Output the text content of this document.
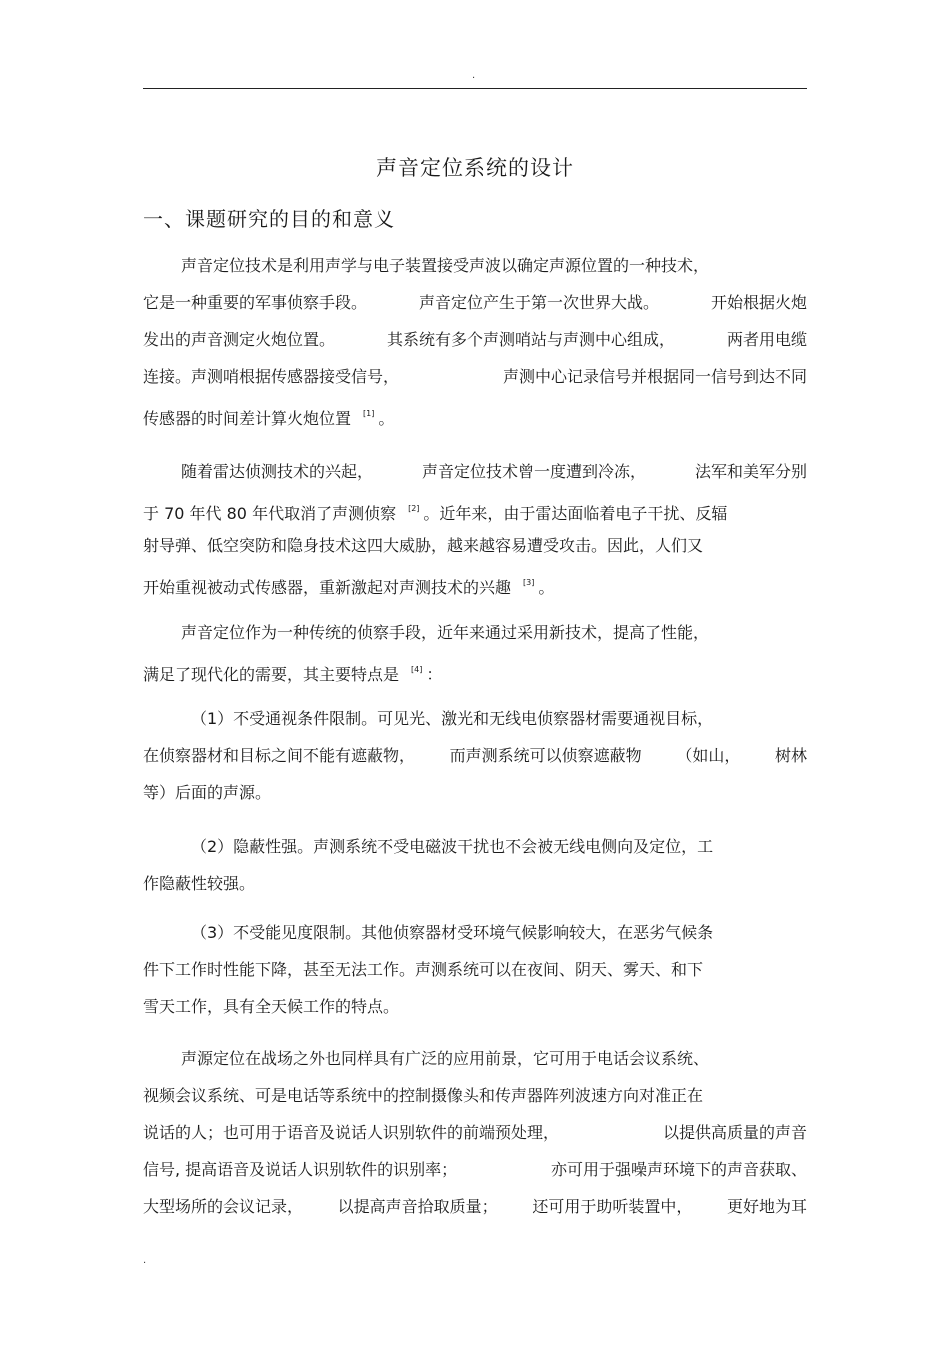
.
声音定位系统的设计
一、课题研究的目的和意义
声音定位技术是利用声学与电子装置接受声波以确定声源位置的一种技术，
它是一种重要的军事侦察手段。	声音定位产生于第一次世界大战。	开始根据火炮
发出的声音测定火炮位置。	其系统有多个声测哨站与声测中心组成，	两者用电缆
连接。声测哨根据传感器接受信号，	声测中心记录信号并根据同一信号到达不同
传感器的时间差计算火炮位置 [1] 。
随着雷达侦测技术的兴起，	声音定位技术曾一度遭到冷冻，	法军和美军分别
于 70 年代 80 年代取消了声测侦察 [2] 。近年来，由于雷达面临着电子干扰、反辐
射导弹、低空突防和隐身技术这四大威胁，越来越容易遭受攻击。因此，人们又
开始重视被动式传感器，重新激起对声测技术的兴趣 [3] 。
声音定位作为一种传统的侦察手段，近年来通过采用新技术，提高了性能，
满足了现代化的需要，其主要特点是 [4] ：
（1）不受通视条件限制。可见光、激光和无线电侦察器材需要通视目标，
在侦察器材和目标之间不能有遮蔽物， 而声测系统可以侦察遮蔽物 （如山， 树林
等）后面的声源。
（2）隐蔽性强。声测系统不受电磁波干扰也不会被无线电侧向及定位，工
作隐蔽性较强。
（3）不受能见度限制。其他侦察器材受环境气候影响较大，在恶劣气候条
件下工作时性能下降，甚至无法工作。声测系统可以在夜间、阴天、雾天、和下
雪天工作，具有全天候工作的特点。
声源定位在战场之外也同样具有广泛的应用前景，它可用于电话会议系统、
视频会议系统、可是电话等系统中的控制摄像头和传声器阵列波速方向对准正在
说话的人；也可用于语音及说话人识别软件的前端预处理，	以提供高质量的声音
信号, 提高语音及说话人识别软件的识别率；	亦可用于强噪声环境下的声音获取、
大型场所的会议记录， 以提高声音拾取质量； 还可用于助听装置中， 更好地为耳
.
